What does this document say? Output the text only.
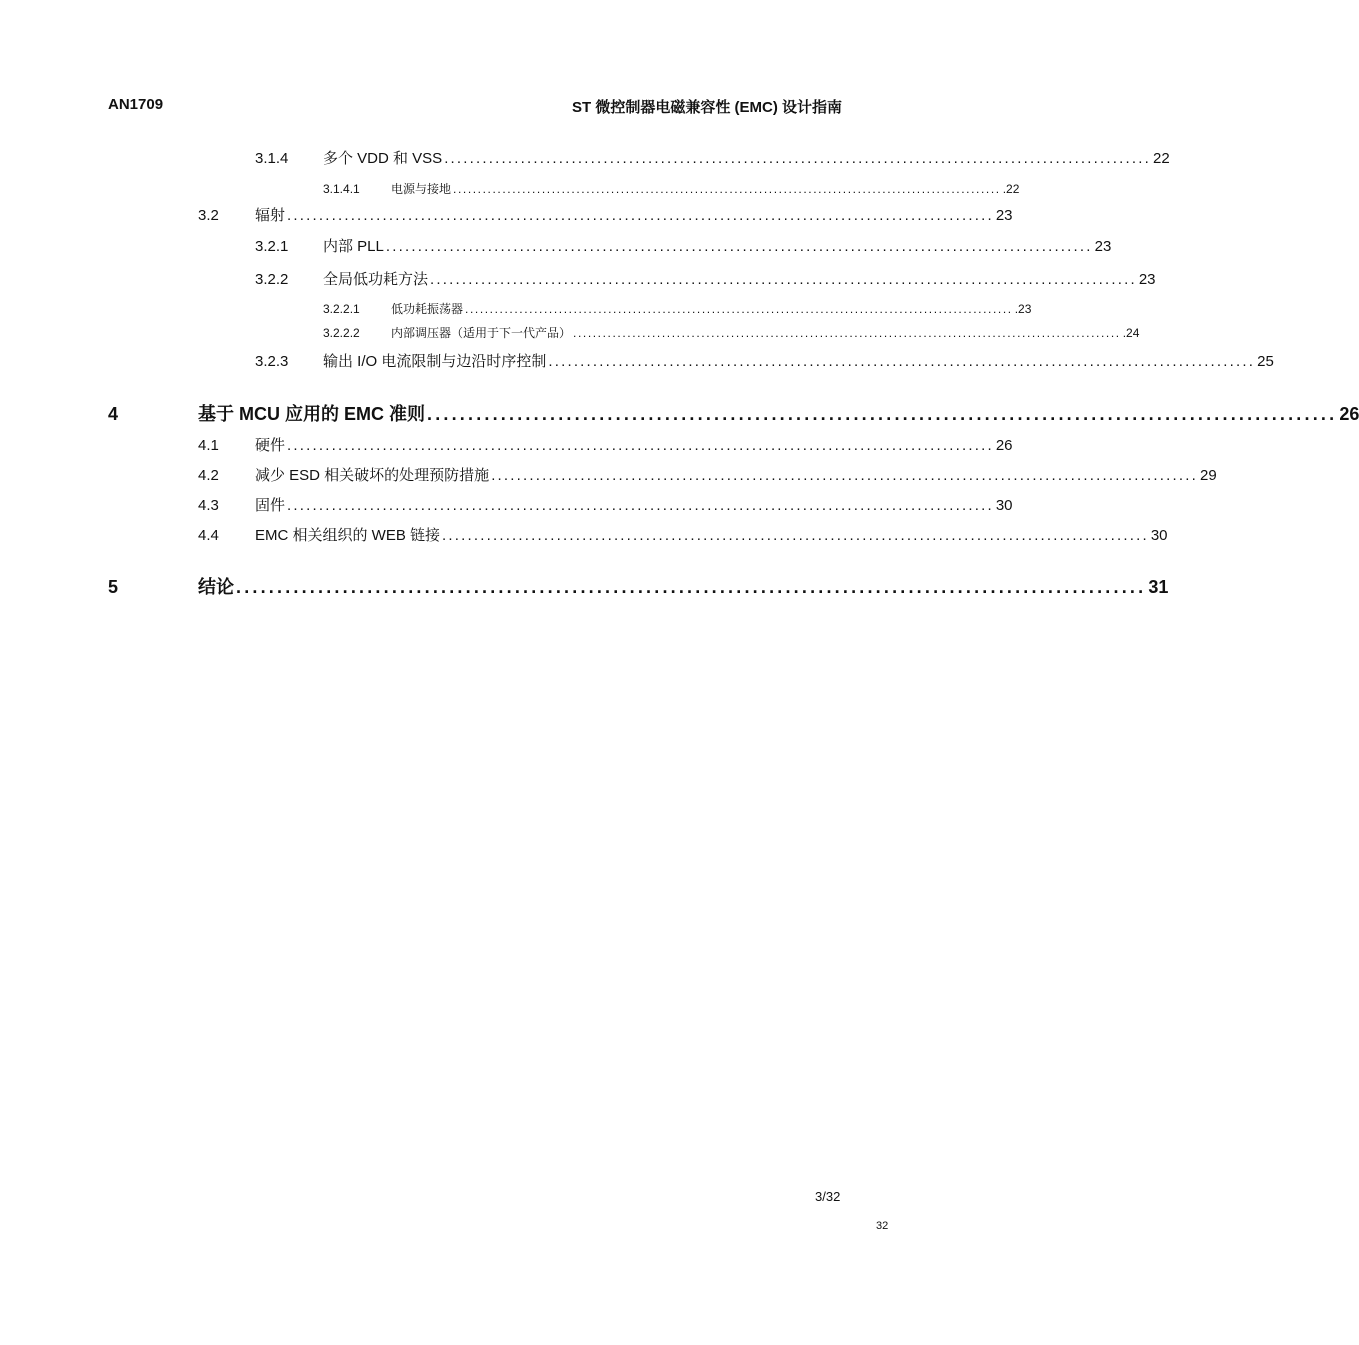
AN1709	ST 微控制器电磁兼容性 (EMC) 设计指南
3.1.4	多个 VDD 和 VSS ............................................................................................................... 22
3.1.4.1	电源与接地 ............................................................................................................... .22
3.2	辐射 ............................................................................................................... 23
3.2.1	内部 PLL ............................................................................................................... 23
3.2.2	全局低功耗方法 ............................................................................................................... 23
3.2.2.1	低功耗振荡器 ............................................................................................................... .23
3.2.2.2	内部调压器（适用于下一代产品） ............................................................................................................... .24
3.2.3	输出 I/O 电流限制与边沿时序控制 ............................................................................................................... 25
4	基于 MCU 应用的 EMC 准则 ............................................................................................................... 26
4.1	硬件 ............................................................................................................... 26
4.2	减少 ESD 相关破坏的处理预防措施 ............................................................................................................... 29
4.3	固件 ............................................................................................................... 30
4.4	EMC 相关组织的 WEB 链接 ............................................................................................................... 30
5	结论 ............................................................................................................... 31
3/32
32
